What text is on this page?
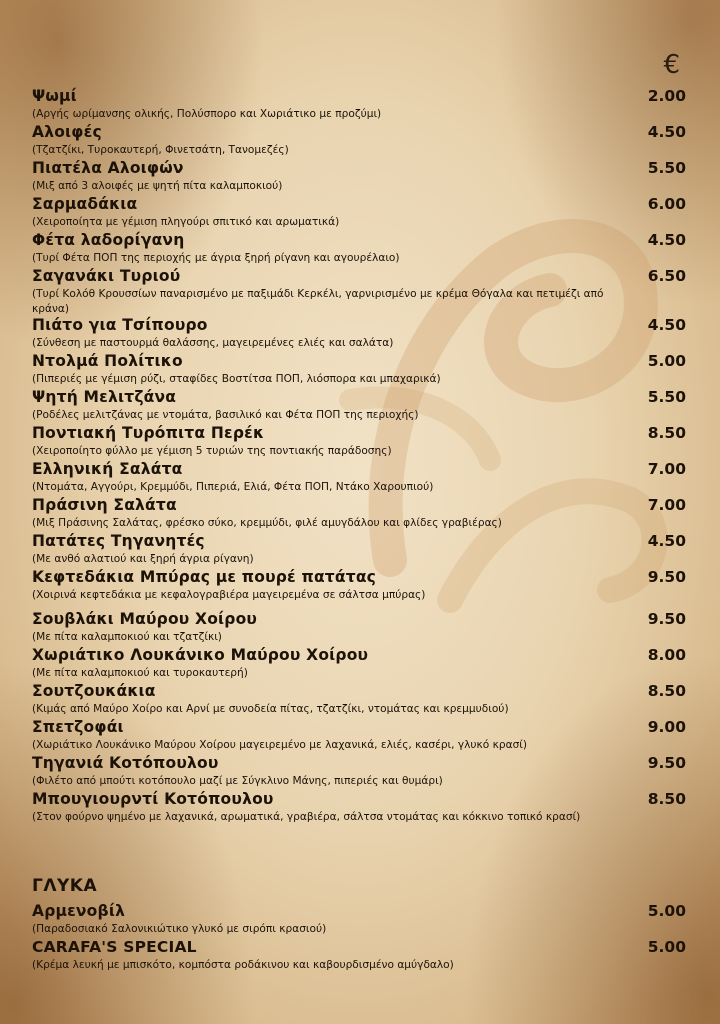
€
Ψωμί	2.00
(Αργής ωρίμανσης ολικής, Πολύσπορο και Χωριάτικο με προζύμι)
Αλοιφές	4.50
(Τζατζίκι, Τυροκαυτερή, Φινετσάτη, Τανομεζές)
Πιατέλα Αλοιφών	5.50
(Μιξ από 3 αλοιφές με ψητή πίτα καλαμποκιού)
Σαρμαδάκια	6.00
(Χειροποίητα με γέμιση πληγούρι σπιτικό και αρωματικά)
Φέτα λαδορίγανη	4.50
(Τυρί Φέτα ΠΟΠ της περιοχής με άγρια ξηρή ρίγανη και αγουρέλαιο)
Σαγανάκι Τυριού	6.50
(Τυρί Κολόθ Κρουσσίων παναρισμένο με παξιμάδι Κερκέλι, γαρνιρισμένο με κρέμα Θόγαλα και πετιμέζι από κράνα)
Πιάτο για Τσίπουρο	4.50
(Σύνθεση με παστουρμά θαλάσσης, μαγειρεμένες ελιές και σαλάτα)
Ντολμά Πολίτικο	5.00
(Πιπεριές με γέμιση ρύζι, σταφίδες Βοστίτσα ΠΟΠ, λιόσπορα και μπαχαρικά)
Ψητή Μελιτζάνα	5.50
(Ροδέλες μελιτζάνας με ντομάτα, βασιλικό και Φέτα ΠΟΠ της περιοχής)
Ποντιακή Τυρόπιτα Περέκ	8.50
(Χειροποίητο φύλλο με γέμιση 5 τυριών της ποντιακής παράδοσης)
Ελληνική Σαλάτα	7.00
(Ντομάτα, Αγγούρι, Κρεμμύδι, Πιπεριά, Ελιά, Φέτα ΠΟΠ, Ντάκο Χαρουπιού)
Πράσινη Σαλάτα	7.00
(Μιξ Πράσινης Σαλάτας, φρέσκο σύκο, κρεμμύδι, φιλέ αμυγδάλου και φλίδες γραβιέρας)
Πατάτες Τηγανητές	4.50
(Με ανθό αλατιού και ξηρή άγρια ρίγανη)
Κεφτεδάκια Μπύρας με πουρέ πατάτας	9.50
(Χοιρινά κεφτεδάκια με κεφαλογραβιέρα μαγειρεμένα σε σάλτσα μπύρας)
Σουβλάκι Μαύρου Χοίρου	9.50
(Με πίτα καλαμποκιού και τζατζίκι)
Χωριάτικο Λουκάνικο Μαύρου Χοίρου	8.00
(Με πίτα καλαμποκιού και τυροκαυτερή)
Σουτζουκάκια	8.50
(Κιμάς από Μαύρο Χοίρο και Αρνί με συνοδεία πίτας, τζατζίκι, ντομάτας και κρεμμυδιού)
Σπετζοφάι	9.00
(Χωριάτικο Λουκάνικο Μαύρου Χοίρου μαγειρεμένο με λαχανικά, ελιές, κασέρι, γλυκό κρασί)
Τηγανιά Κοτόπουλου	9.50
(Φιλέτο από μπούτι κοτόπουλο μαζί με Σύγκλινο Μάνης, πιπεριές και θυμάρι)
Μπουγιουρντί Κοτόπουλου	8.50
(Στον φούρνο ψημένο με λαχανικά, αρωματικά, γραβιέρα, σάλτσα ντομάτας και κόκκινο τοπικό κρασί)
ΓΛΥΚΑ
Αρμενοβίλ	5.00
(Παραδοσιακό Σαλονικιώτικο γλυκό με σιρόπι κρασιού)
CARAFA'S SPECIAL	5.00
(Κρέμα λευκή με μπισκότο, κομπόστα ροδάκινου και καβουρδισμένο αμύγδαλο)
